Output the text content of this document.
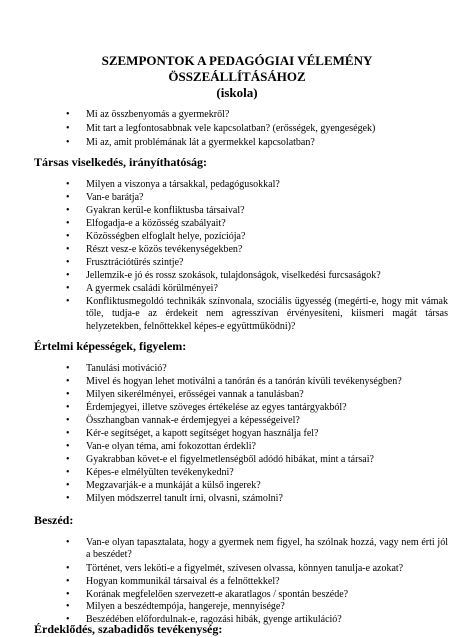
SZEMPONTOK A PEDAGÓGIAI VÉLEMÉNY
ÖSSZEÁLLÍTÁSÁHOZ
(iskola)
• Mi az összbenyomás a gyermekről?
• Mit tart a legfontosabbnak vele kapcsolatban? (erősségek, gyengeségek)
• Mi az, amit problémának lát a gyermekkel kapcsolatban?
Társas viselkedés, irányíthatóság:
• Milyen a viszonya a társakkal, pedagógusokkal?
• Van-e barátja?
• Gyakran kerül-e konfliktusba társaival?
• Elfogadja-e a közösség szabályait?
• Közösségben elfoglalt helye, pozíciója?
• Részt vesz-e közös tevékenységekben?
• Frusztrációtűrés szintje?
• Jellemzik-e jó és rossz szokások, tulajdonságok, viselkedési furcsaságok?
• A gyermek családi körülményei?
• Konfliktusmegoldó technikák színvonala, szociális ügyesség (megérti-e, hogy mit vámak tőle, tudja-e az érdekeit nem agresszívan érvényesíteni, kiismeri magát társas helyzetekben, felnőttekkel képes-e együttműködni)?
Értelmi képességek, figyelem:
• Tanulási motiváció?
• Mivel és hogyan lehet motiválni a tanórán és a tanórán kívüli tevékenységben?
• Milyen sikerélményei, erősségei vannak a tanulásban?
• Érdemjegyei, illetve szöveges értékelése az egyes tantárgyakból?
• Összhangban vannak-e érdemjegyei a képességeivel?
• Kér-e segítséget, a kapott segítséget hogyan használja fel?
• Van-e olyan téma, ami fokozottan érdekli?
• Gyakrabban követ-e el figyelmetlenségből adódó hibákat, mint a társai?
• Képes-e elmélyülten tevékenykedni?
• Megzavarják-e a munkáját a külső ingerek?
• Milyen módszerrel tanult írni, olvasni, számolni?
Beszéd:
• Van-e olyan tapasztalata, hogy a gyermek nem figyel, ha szólnak hozzá, vagy nem érti jól a beszédet?
• Történet, vers leköti-e a figyelmét, szívesen olvassa, könnyen tanulja-e azokat?
• Hogyan kommunikál társaival és a felnőttekkel?
• Korának megfelelően szervezett-e akaratlagos / spontán beszéde?
• Milyen a beszédtempója, hangereje, mennyisége?
• Beszédében előfordulnak-e, ragozási hibák, gyenge artikuláció?
Érdeklődés, szabadidős tevékenység:
